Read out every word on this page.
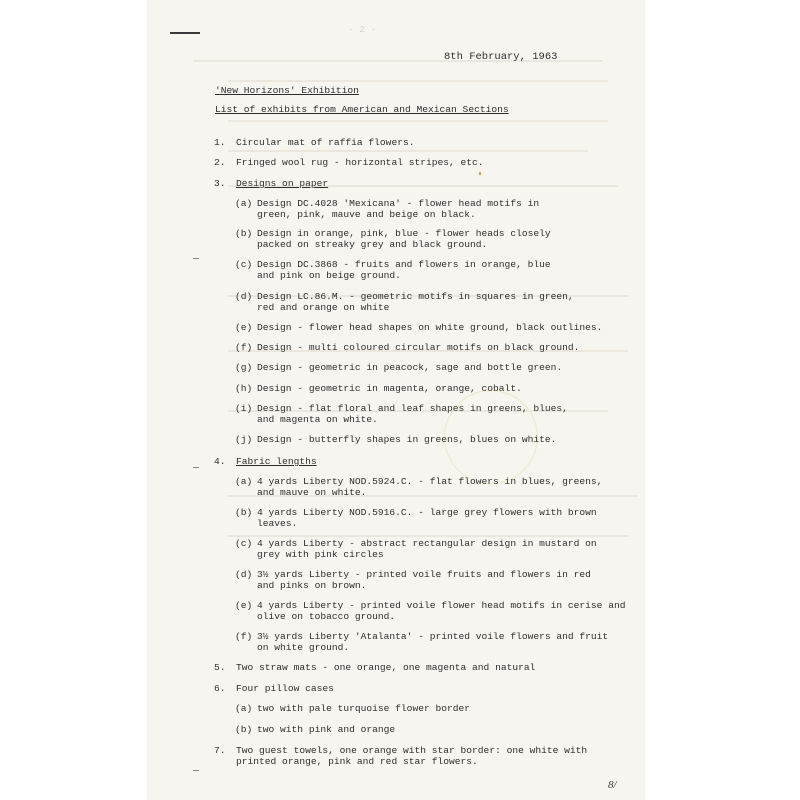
- 2 -
8th February, 1963
'New Horizons' Exhibition
List of exhibits from American and Mexican Sections
1. Circular mat of raffia flowers.
2. Fringed wool rug - horizontal stripes, etc.
3. Designs on paper
(a) Design DC.4028 'Mexicana' - flower head motifs in
green, pink, mauve and beige on black.
(b) Design in orange, pink, blue - flower heads closely
packed on streaky grey and black ground.
(c) Design DC.3868 - fruits and flowers in orange, blue
and pink on beige ground.
(d) Design LC.86.M. - geometric motifs in squares in green,
red and orange on white
(e) Design - flower head shapes on white ground, black outlines.
(f) Design - multi coloured circular motifs on black ground.
(g) Design - geometric in peacock, sage and bottle green.
(h) Design - geometric in magenta, orange, cobalt.
(i) Design - flat floral and leaf shapes in greens, blues,
and magenta on white.
(j) Design - butterfly shapes in greens, blues on white.
4. Fabric lengths
(a) 4 yards Liberty NOD.5924.C. - flat flowers in blues, greens,
and mauve on white.
(b) 4 yards Liberty NOD.5916.C. - large grey flowers with brown
leaves.
(c) 4 yards Liberty - abstract rectangular design in mustard on
grey with pink circles
(d) 3½ yards Liberty - printed voile fruits and flowers in red
and pinks on brown.
(e) 4 yards Liberty - printed voile flower head motifs in cerise and
olive on tobacco ground.
(f) 3½ yards Liberty 'Atalanta' - printed voile flowers and fruit
on white ground.
5. Two straw mats - one orange, one magenta and natural
6. Four pillow cases
(a) two with pale turquoise flower border
(b) two with pink and orange
7. Two guest towels, one orange with star border: one white with
printed orange, pink and red star flowers.
8/
